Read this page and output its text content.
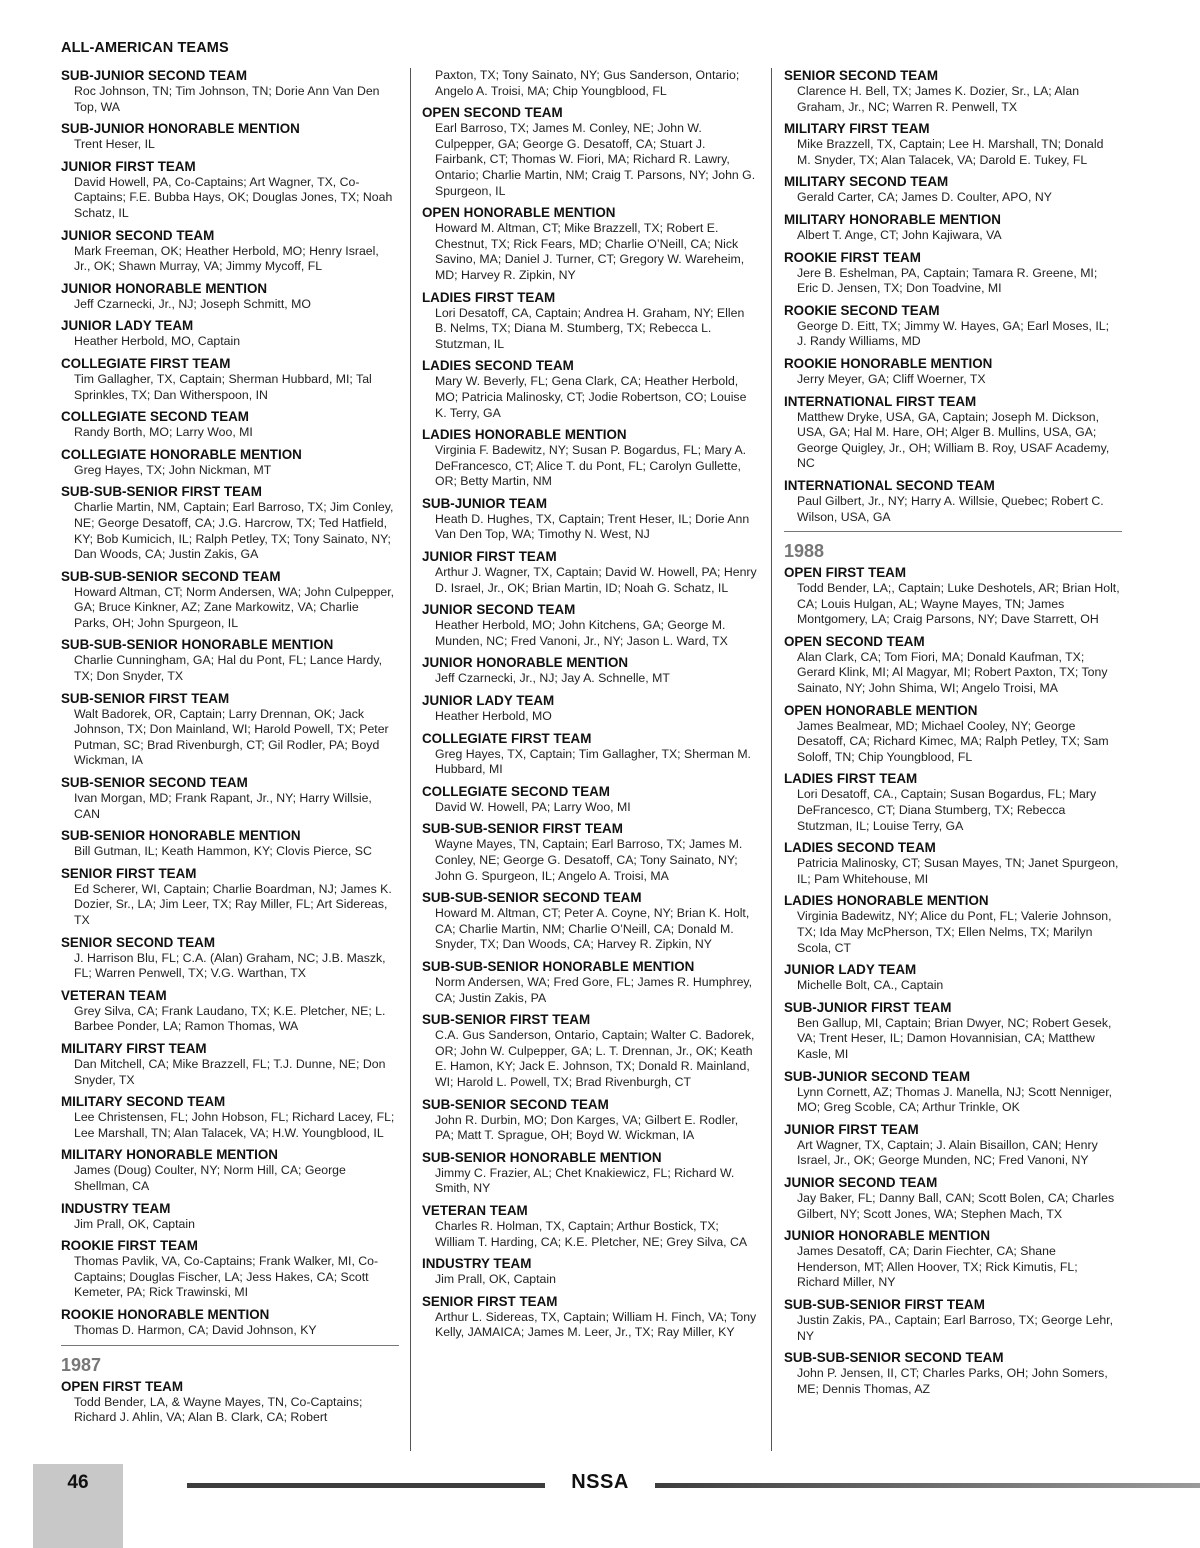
ALL-AMERICAN TEAMS
SUB-JUNIOR SECOND TEAM
Roc Johnson, TN; Tim Johnson, TN; Dorie Ann Van Den Top, WA
SUB-JUNIOR HONORABLE MENTION
Trent Heser, IL
JUNIOR FIRST TEAM
David Howell, PA, Co-Captains; Art Wagner, TX, Co-Captains; F.E. Bubba Hays, OK; Douglas Jones, TX; Noah Schatz, IL
JUNIOR SECOND TEAM
Mark Freeman, OK; Heather Herbold, MO; Henry Israel, Jr., OK; Shawn Murray, VA; Jimmy Mycoff, FL
JUNIOR HONORABLE MENTION
Jeff Czarnecki, Jr., NJ; Joseph Schmitt, MO
JUNIOR LADY TEAM
Heather Herbold, MO, Captain
COLLEGIATE FIRST TEAM
Tim Gallagher, TX, Captain; Sherman Hubbard, MI; Tal Sprinkles, TX; Dan Witherspoon, IN
COLLEGIATE SECOND TEAM
Randy Borth, MO; Larry Woo, MI
COLLEGIATE HONORABLE MENTION
Greg Hayes, TX; John Nickman, MT
SUB-SUB-SENIOR FIRST TEAM
Charlie Martin, NM, Captain; Earl Barroso, TX; Jim Conley, NE; George Desatoff, CA; J.G. Harcrow, TX; Ted Hatfield, KY; Bob Kumicich, IL; Ralph Petley, TX; Tony Sainato, NY; Dan Woods, CA; Justin Zakis, GA
SUB-SUB-SENIOR SECOND TEAM
Howard Altman, CT; Norm Andersen, WA; John Culpepper, GA; Bruce Kinkner, AZ; Zane Markowitz, VA; Charlie Parks, OH; John Spurgeon, IL
SUB-SUB-SENIOR HONORABLE MENTION
Charlie Cunningham, GA; Hal du Pont, FL; Lance Hardy, TX; Don Snyder, TX
SUB-SENIOR FIRST TEAM
Walt Badorek, OR, Captain; Larry Drennan, OK; Jack Johnson, TX; Don Mainland, WI; Harold Powell, TX; Peter Putman, SC; Brad Rivenburgh, CT; Gil Rodler, PA; Boyd Wickman, IA
SUB-SENIOR SECOND TEAM
Ivan Morgan, MD; Frank Rapant, Jr., NY; Harry Willsie, CAN
SUB-SENIOR HONORABLE MENTION
Bill Gutman, IL; Keath Hammon, KY; Clovis Pierce, SC
SENIOR FIRST TEAM
Ed Scherer, WI, Captain; Charlie Boardman, NJ; James K. Dozier, Sr., LA; Jim Leer, TX; Ray Miller, FL; Art Sidereas, TX
SENIOR SECOND TEAM
J. Harrison Blu, FL; C.A. (Alan) Graham, NC; J.B. Maszk, FL; Warren Penwell, TX; V.G. Warthan, TX
VETERAN TEAM
Grey Silva, CA; Frank Laudano, TX; K.E. Pletcher, NE; L. Barbee Ponder, LA; Ramon Thomas, WA
MILITARY FIRST TEAM
Dan Mitchell, CA; Mike Brazzell, FL; T.J. Dunne, NE; Don Snyder, TX
MILITARY SECOND TEAM
Lee Christensen, FL; John Hobson, FL; Richard Lacey, FL; Lee Marshall, TN; Alan Talacek, VA; H.W. Youngblood, IL
MILITARY HONORABLE MENTION
James (Doug) Coulter, NY; Norm Hill, CA; George Shellman, CA
INDUSTRY TEAM
Jim Prall, OK, Captain
ROOKIE FIRST TEAM
Thomas Pavlik, VA, Co-Captains; Frank Walker, MI, Co-Captains; Douglas Fischer, LA; Jess Hakes, CA; Scott Kemeter, PA; Rick Trawinski, MI
ROOKIE HONORABLE MENTION
Thomas D. Harmon, CA; David Johnson, KY
1987
OPEN FIRST TEAM
Todd Bender, LA, & Wayne Mayes, TN, Co-Captains; Richard J. Ahlin, VA; Alan B. Clark, CA; Robert
Paxton, TX; Tony Sainato, NY; Gus Sanderson, Ontario; Angelo A. Troisi, MA; Chip Youngblood, FL
OPEN SECOND TEAM
Earl Barroso, TX; James M. Conley, NE; John W. Culpepper, GA; George G. Desatoff, CA; Stuart J. Fairbank, CT; Thomas W. Fiori, MA; Richard R. Lawry, Ontario; Charlie Martin, NM; Craig T. Parsons, NY; John G. Spurgeon, IL
OPEN HONORABLE MENTION
Howard M. Altman, CT; Mike Brazzell, TX; Robert E. Chestnut, TX; Rick Fears, MD; Charlie O’Neill, CA; Nick Savino, MA; Daniel J. Turner, CT; Gregory W. Wareheim, MD; Harvey R. Zipkin, NY
LADIES FIRST TEAM
Lori Desatoff, CA, Captain; Andrea H. Graham, NY; Ellen B. Nelms, TX; Diana M. Stumberg, TX; Rebecca L. Stutzman, IL
LADIES SECOND TEAM
Mary W. Beverly, FL; Gena Clark, CA; Heather Herbold, MO; Patricia Malinosky, CT; Jodie Robertson, CO; Louise K. Terry, GA
LADIES HONORABLE MENTION
Virginia F. Badewitz, NY; Susan P. Bogardus, FL; Mary A. DeFrancesco, CT; Alice T. du Pont, FL; Carolyn Gullette, OR; Betty Martin, NM
SUB-JUNIOR TEAM
Heath D. Hughes, TX, Captain; Trent Heser, IL; Dorie Ann Van Den Top, WA; Timothy N. West, NJ
JUNIOR FIRST TEAM
Arthur J. Wagner, TX, Captain; David W. Howell, PA; Henry D. Israel, Jr., OK; Brian Martin, ID; Noah G. Schatz, IL
JUNIOR SECOND TEAM
Heather Herbold, MO; John Kitchens, GA; George M. Munden, NC; Fred Vanoni, Jr., NY; Jason L. Ward, TX
JUNIOR HONORABLE MENTION
Jeff Czarnecki, Jr., NJ; Jay A. Schnelle, MT
JUNIOR LADY TEAM
Heather Herbold, MO
COLLEGIATE FIRST TEAM
Greg Hayes, TX, Captain; Tim Gallagher, TX; Sherman M. Hubbard, MI
COLLEGIATE SECOND TEAM
David W. Howell, PA; Larry Woo, MI
SUB-SUB-SENIOR FIRST TEAM
Wayne Mayes, TN, Captain; Earl Barroso, TX; James M. Conley, NE; George G. Desatoff, CA; Tony Sainato, NY; John G. Spurgeon, IL; Angelo A. Troisi, MA
SUB-SUB-SENIOR SECOND TEAM
Howard M. Altman, CT; Peter A. Coyne, NY; Brian K. Holt, CA; Charlie Martin, NM; Charlie O’Neill, CA; Donald M. Snyder, TX; Dan Woods, CA; Harvey R. Zipkin, NY
SUB-SUB-SENIOR HONORABLE MENTION
Norm Andersen, WA; Fred Gore, FL; James R. Humphrey, CA; Justin Zakis, PA
SUB-SENIOR FIRST TEAM
C.A. Gus Sanderson, Ontario, Captain; Walter C. Badorek, OR; John W. Culpepper, GA; L. T. Drennan, Jr., OK; Keath E. Hamon, KY; Jack E. Johnson, TX; Donald R. Mainland, WI; Harold L. Powell, TX; Brad Rivenburgh, CT
SUB-SENIOR SECOND TEAM
John R. Durbin, MO; Don Karges, VA; Gilbert E. Rodler, PA; Matt T. Sprague, OH; Boyd W. Wickman, IA
SUB-SENIOR HONORABLE MENTION
Jimmy C. Frazier, AL; Chet Knakiewicz, FL; Richard W. Smith, NY
VETERAN TEAM
Charles R. Holman, TX, Captain; Arthur Bostick, TX; William T. Harding, CA; K.E. Pletcher, NE; Grey Silva, CA
INDUSTRY TEAM
Jim Prall, OK, Captain
SENIOR FIRST TEAM
Arthur L. Sidereas, TX, Captain; William H. Finch, VA; Tony Kelly, JAMAICA; James M. Leer, Jr., TX; Ray Miller, KY
SENIOR SECOND TEAM
Clarence H. Bell, TX; James K. Dozier, Sr., LA; Alan Graham, Jr., NC; Warren R. Penwell, TX
MILITARY FIRST TEAM
Mike Brazzell, TX, Captain; Lee H. Marshall, TN; Donald M. Snyder, TX; Alan Talacek, VA; Darold E. Tukey, FL
MILITARY SECOND TEAM
Gerald Carter, CA; James D. Coulter, APO, NY
MILITARY HONORABLE MENTION
Albert T. Ange, CT; John Kajiwara, VA
ROOKIE FIRST TEAM
Jere B. Eshelman, PA, Captain; Tamara R. Greene, MI; Eric D. Jensen, TX; Don Toadvine, MI
ROOKIE SECOND TEAM
George D. Eitt, TX; Jimmy W. Hayes, GA; Earl Moses, IL; J. Randy Williams, MD
ROOKIE HONORABLE MENTION
Jerry Meyer, GA; Cliff Woerner, TX
INTERNATIONAL FIRST TEAM
Matthew Dryke, USA, GA, Captain; Joseph M. Dickson, USA, GA; Hal M. Hare, OH; Alger B. Mullins, USA, GA; George Quigley, Jr., OH; William B. Roy, USAF Academy, NC
INTERNATIONAL SECOND TEAM
Paul Gilbert, Jr., NY; Harry A. Willsie, Quebec; Robert C. Wilson, USA, GA
1988
OPEN FIRST TEAM
Todd Bender, LA;, Captain; Luke Deshotels, AR; Brian Holt, CA; Louis Hulgan, AL; Wayne Mayes, TN; James Montgomery, LA; Craig Parsons, NY; Dave Starrett, OH
OPEN SECOND TEAM
Alan Clark, CA; Tom Fiori, MA; Donald Kaufman, TX; Gerard Klink, MI; Al Magyar, MI; Robert Paxton, TX; Tony Sainato, NY; John Shima, WI; Angelo Troisi, MA
OPEN HONORABLE MENTION
James Bealmear, MD; Michael Cooley, NY; George Desatoff, CA; Richard Kimec, MA; Ralph Petley, TX; Sam Soloff, TN; Chip Youngblood, FL
LADIES FIRST TEAM
Lori Desatoff, CA., Captain; Susan Bogardus, FL; Mary DeFrancesco, CT; Diana Stumberg, TX; Rebecca Stutzman, IL; Louise Terry, GA
LADIES SECOND TEAM
Patricia Malinosky, CT; Susan Mayes, TN; Janet Spurgeon, IL; Pam Whitehouse, MI
LADIES HONORABLE MENTION
Virginia Badewitz, NY; Alice du Pont, FL; Valerie Johnson, TX; Ida May McPherson, TX; Ellen Nelms, TX; Marilyn Scola, CT
JUNIOR LADY TEAM
Michelle Bolt, CA., Captain
SUB-JUNIOR FIRST TEAM
Ben Gallup, MI, Captain; Brian Dwyer, NC; Robert Gesek, VA; Trent Heser, IL; Damon Hovannisian, CA; Matthew Kasle, MI
SUB-JUNIOR SECOND TEAM
Lynn Cornett, AZ; Thomas J. Manella, NJ; Scott Nenniger, MO; Greg Scoble, CA; Arthur Trinkle, OK
JUNIOR FIRST TEAM
Art Wagner, TX, Captain; J. Alain Bisaillon, CAN; Henry Israel, Jr., OK; George Munden, NC; Fred Vanoni, NY
JUNIOR SECOND TEAM
Jay Baker, FL; Danny Ball, CAN; Scott Bolen, CA; Charles Gilbert, NY; Scott Jones, WA; Stephen Mach, TX
JUNIOR HONORABLE MENTION
James Desatoff, CA; Darin Fiechter, CA; Shane Henderson, MT; Allen Hoover, TX; Rick Kimutis, FL; Richard Miller, NY
SUB-SUB-SENIOR FIRST TEAM
Justin Zakis, PA., Captain; Earl Barroso, TX; George Lehr, NY
SUB-SUB-SENIOR SECOND TEAM
John P. Jensen, II, CT; Charles Parks, OH; John Somers, ME; Dennis Thomas, AZ
46	NSSA
